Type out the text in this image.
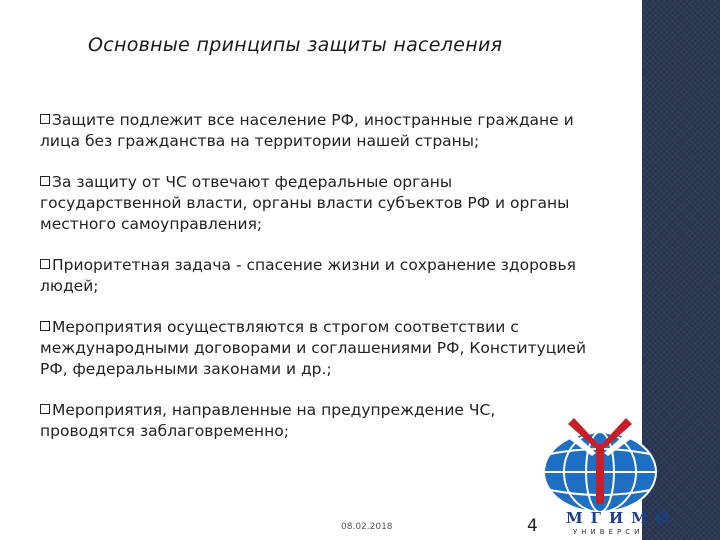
Основные принципы защиты населения
Защите подлежит все население РФ, иностранные граждане и лица без гражданства на территории нашей страны;
За защиту от ЧС отвечают федеральные органы государственной власти, органы власти субъектов РФ и органы местного самоуправления;
Приоритетная задача - спасение жизни и сохранение здоровья людей;
Мероприятия осуществляются в строгом соответствии с международными договорами и соглашениями РФ, Конституцией РФ, федеральными законами и др.;
Мероприятия, направленные на предупреждение ЧС, проводятся заблаговременно;
МГИМО
УНИВЕРСИТЕТ
08.02.2018	4
